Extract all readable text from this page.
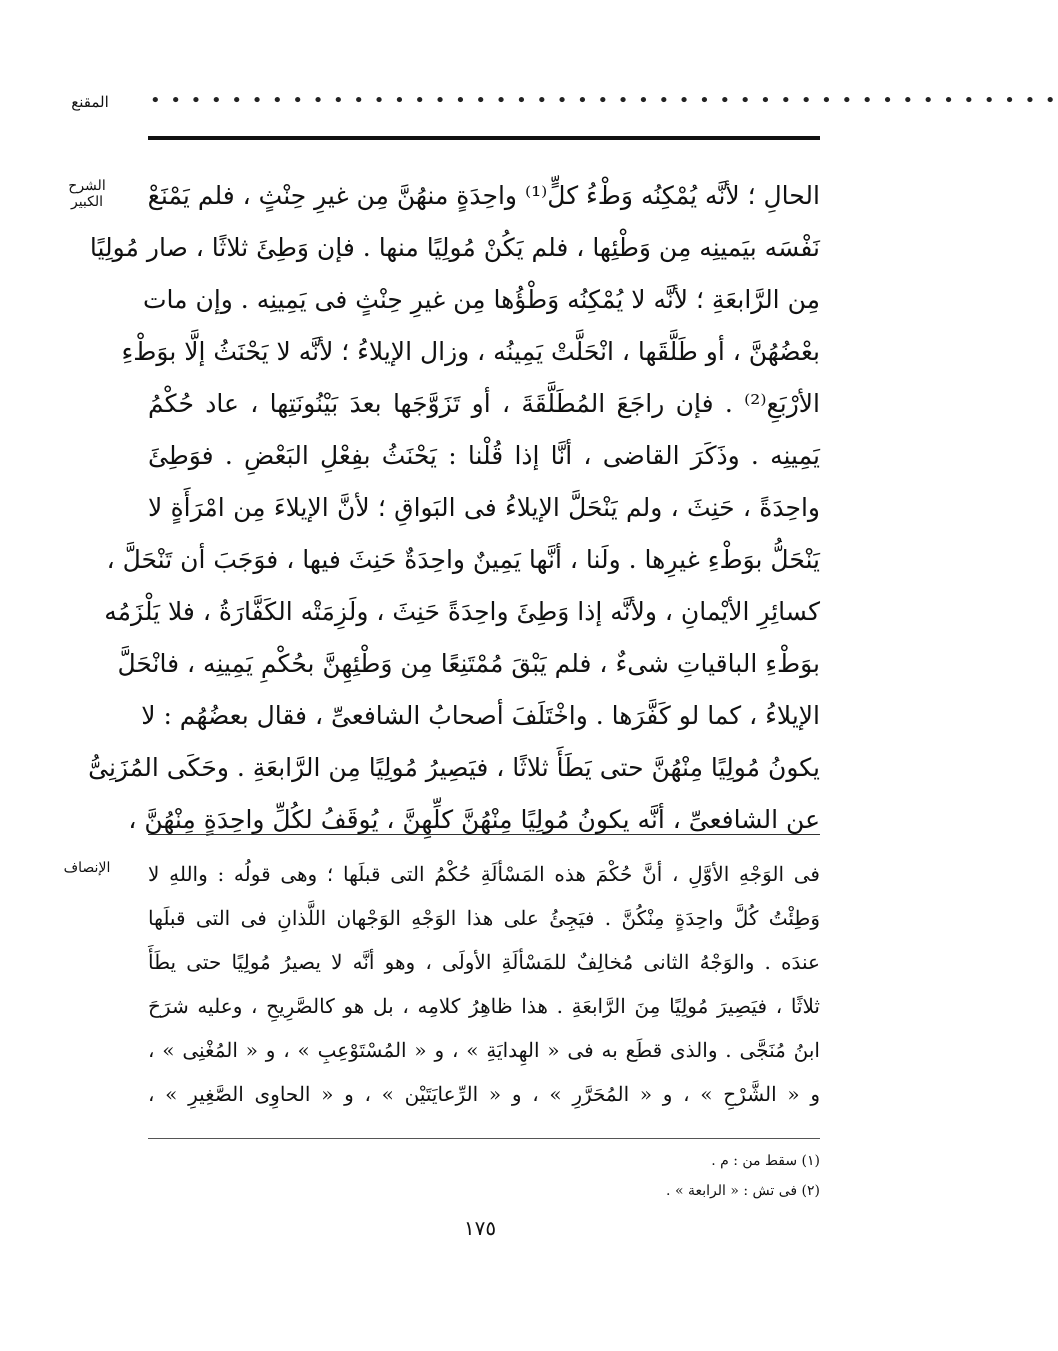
المقنع	• • • • • • • • • • • • • • • • • • • • • • • • • • • • • • • • • • • • • • • • • • • • •
الشرح الكبير	الحالِ ؛ لأنَّه يُمْكِنُه وَطْءُ كلٍّ⁽¹⁾ واحِدَةٍ منهُنَّ مِن غيرِ حِنْثٍ ، فلم يَمْنَعْ
نَفْسَه بيَمينِه مِن وَطْئِها ، فلم يَكُنْ مُولِيًا منها . فإن وَطِئَ ثلاثًا ، صار مُولِيًا
مِن الرَّابعَةِ ؛ لأنَّه لا يُمْكِنُه وَطْؤُها مِن غيرِ حِنْثٍ فى يَمِينِه . وإن مات
بعْضُهُنَّ ، أو طَلَّقَها ، انْحَلَّتْ يَمِينُه ، وزال الإيلاءُ ؛ لأنَّه لا يَحْنَثُ إلَّا بوَطْءِ
الأرْبَعِ⁽²⁾ . فإن راجَعَ المُطَلَّقَةَ ، أو تَزَوَّجَها بعدَ بَيْنُونَتِها ، عاد حُكْمُ
يَمِينِه . وذَكَرَ القاضى ، أنَّا إذا قُلْنا : يَحْنَثُ بفِعْلِ البَعْضِ . فوَطِئَ
واحِدَةً ، حَنِثَ ، ولم يَنْحَلَّ الإيلاءُ فى البَواقِ ؛ لأنَّ الإيلاءَ مِن امْرَأَةٍ لا
يَنْحَلُّ بوَطْءِ غيرِها . ولَنا ، أنَّها يَمِينٌ واحِدَةٌ حَنِثَ فيها ، فوَجَبَ أن تَنْحَلَّ ،
كسائِرِ الأيْمانِ ، ولأنَّه إذا وَطِئَ واحِدَةً حَنِثَ ، ولَزِمَتْه الكَفَّارَةُ ، فلا يَلْزَمُه
بوَطْءِ الباقياتِ شىءٌ ، فلم يَبْقَ مُمْتَنِعًا مِن وَطْئِهِنَّ بحُكْمِ يَمِينِه ، فانْحَلَّ
الإيلاءُ ، كما لو كَفَّرَها . واخْتَلَفَ أصحابُ الشافعىِّ ، فقال بعضُهُم : لا
يكونُ مُولِيًا مِنْهُنَّ حتى يَطَأَ ثلاثًا ، فيَصِيرُ مُولِيًا مِن الرَّابعَةِ . وحَكَى المُزَنِىُّ
عن الشافعىِّ ، أنَّه يكونُ مُولِيًا مِنْهُنَّ كلِّهِنَّ ، يُوقَفُ لكُلِّ واحِدَةٍ مِنْهُنَّ ،
الإنصاف	فى الوَجْهِ الأوَّلِ ، أنَّ حُكْمَ هذه المَسْألَةِ حُكْمُ التى قبلَها ؛ وهى قولُه : واللهِ لا
وَطِئْتُ كُلَّ واحِدَةٍ مِنْكُنَّ . فيَجِئُ على هذا الوَجْهِ الوَجْهان اللَّذانِ فى التى قبلَها
عندَه . والوَجْهُ الثانى مُخالِفٌ للمَسْألَةِ الأولَى ، وهو أنَّه لا يصيرُ مُولِيًا حتى يطَأَ
ثلاثًا ، فيَصِيرَ مُولِيًا مِنَ الرَّابعَةِ . هذا ظاهِرُ كلامِه ، بل هو كالصَّرِيحِ ، وعليه شرَحَ
ابنُ مُنَجَّى . والذى قطَع به فى « الهِدايَةِ » ، و « المُسْتَوْعِبِ » ، و « المُغْنِى » ،
و « الشَّرْحِ » ، و « المُحَرَّرِ » ، و « الرِّعايَتَيْن » ، و « الحاوِى الصَّغِيرِ » ،
(١) سقط من : م .
(٢) فى تش : « الرابعة » .
١٧٥
